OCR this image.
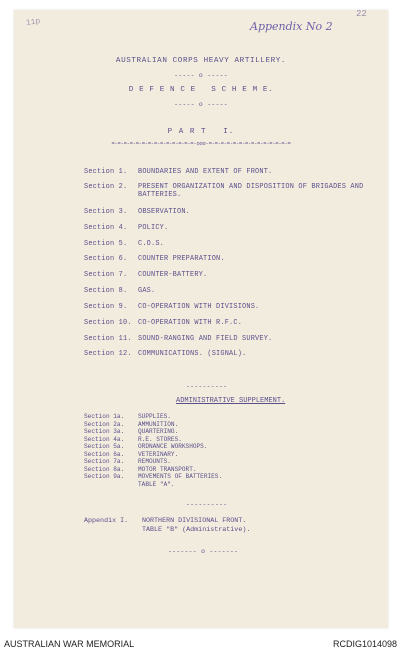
11p
22
Appendix No 2
AUSTRALIAN CORPS HEAVY ARTILLERY.
----- o -----
D E F E N C E   S C H E M E.
----- o -----
P A R T   I.
=-=-=-=-=-=-=-=-=-=-=-=-=-=-ooo-=-=-=-=-=-=-=-=-=-=-=-=-=-=
Section 1. BOUNDARIES AND EXTENT OF FRONT.
Section 2. PRESENT ORGANIZATION AND DISPOSITION OF BRIGADES AND BATTERIES.
Section 3. OBSERVATION.
Section 4. POLICY.
Section 5. C.O.S.
Section 6. COUNTER PREPARATION.
Section 7. COUNTER-BATTERY.
Section 8. GAS.
Section 9. CO-OPERATION WITH DIVISIONS.
Section 10. CO-OPERATION WITH R.F.C.
Section 11. SOUND-RANGING AND FIELD SURVEY.
Section 12. COMMUNICATIONS. (SIGNAL).
----------
ADMINISTRATIVE SUPPLEMENT.
Section 1a. SUPPLIES.
Section 2a. AMMUNITION.
Section 3a. QUARTERING.
Section 4a. R.E. STORES.
Section 5a. ORDNANCE WORKSHOPS.
Section 6a. VETERINARY.
Section 7a. REMOUNTS.
Section 8a. MOTOR TRANSPORT.
Section 9a. MOVEMENTS OF BATTERIES.
TABLE "A".
----------
Appendix I. NORTHERN DIVISIONAL FRONT.
TABLE "B" (Administrative).
------- o -------
AUSTRALIAN WAR MEMORIAL	RCDIG1014098
